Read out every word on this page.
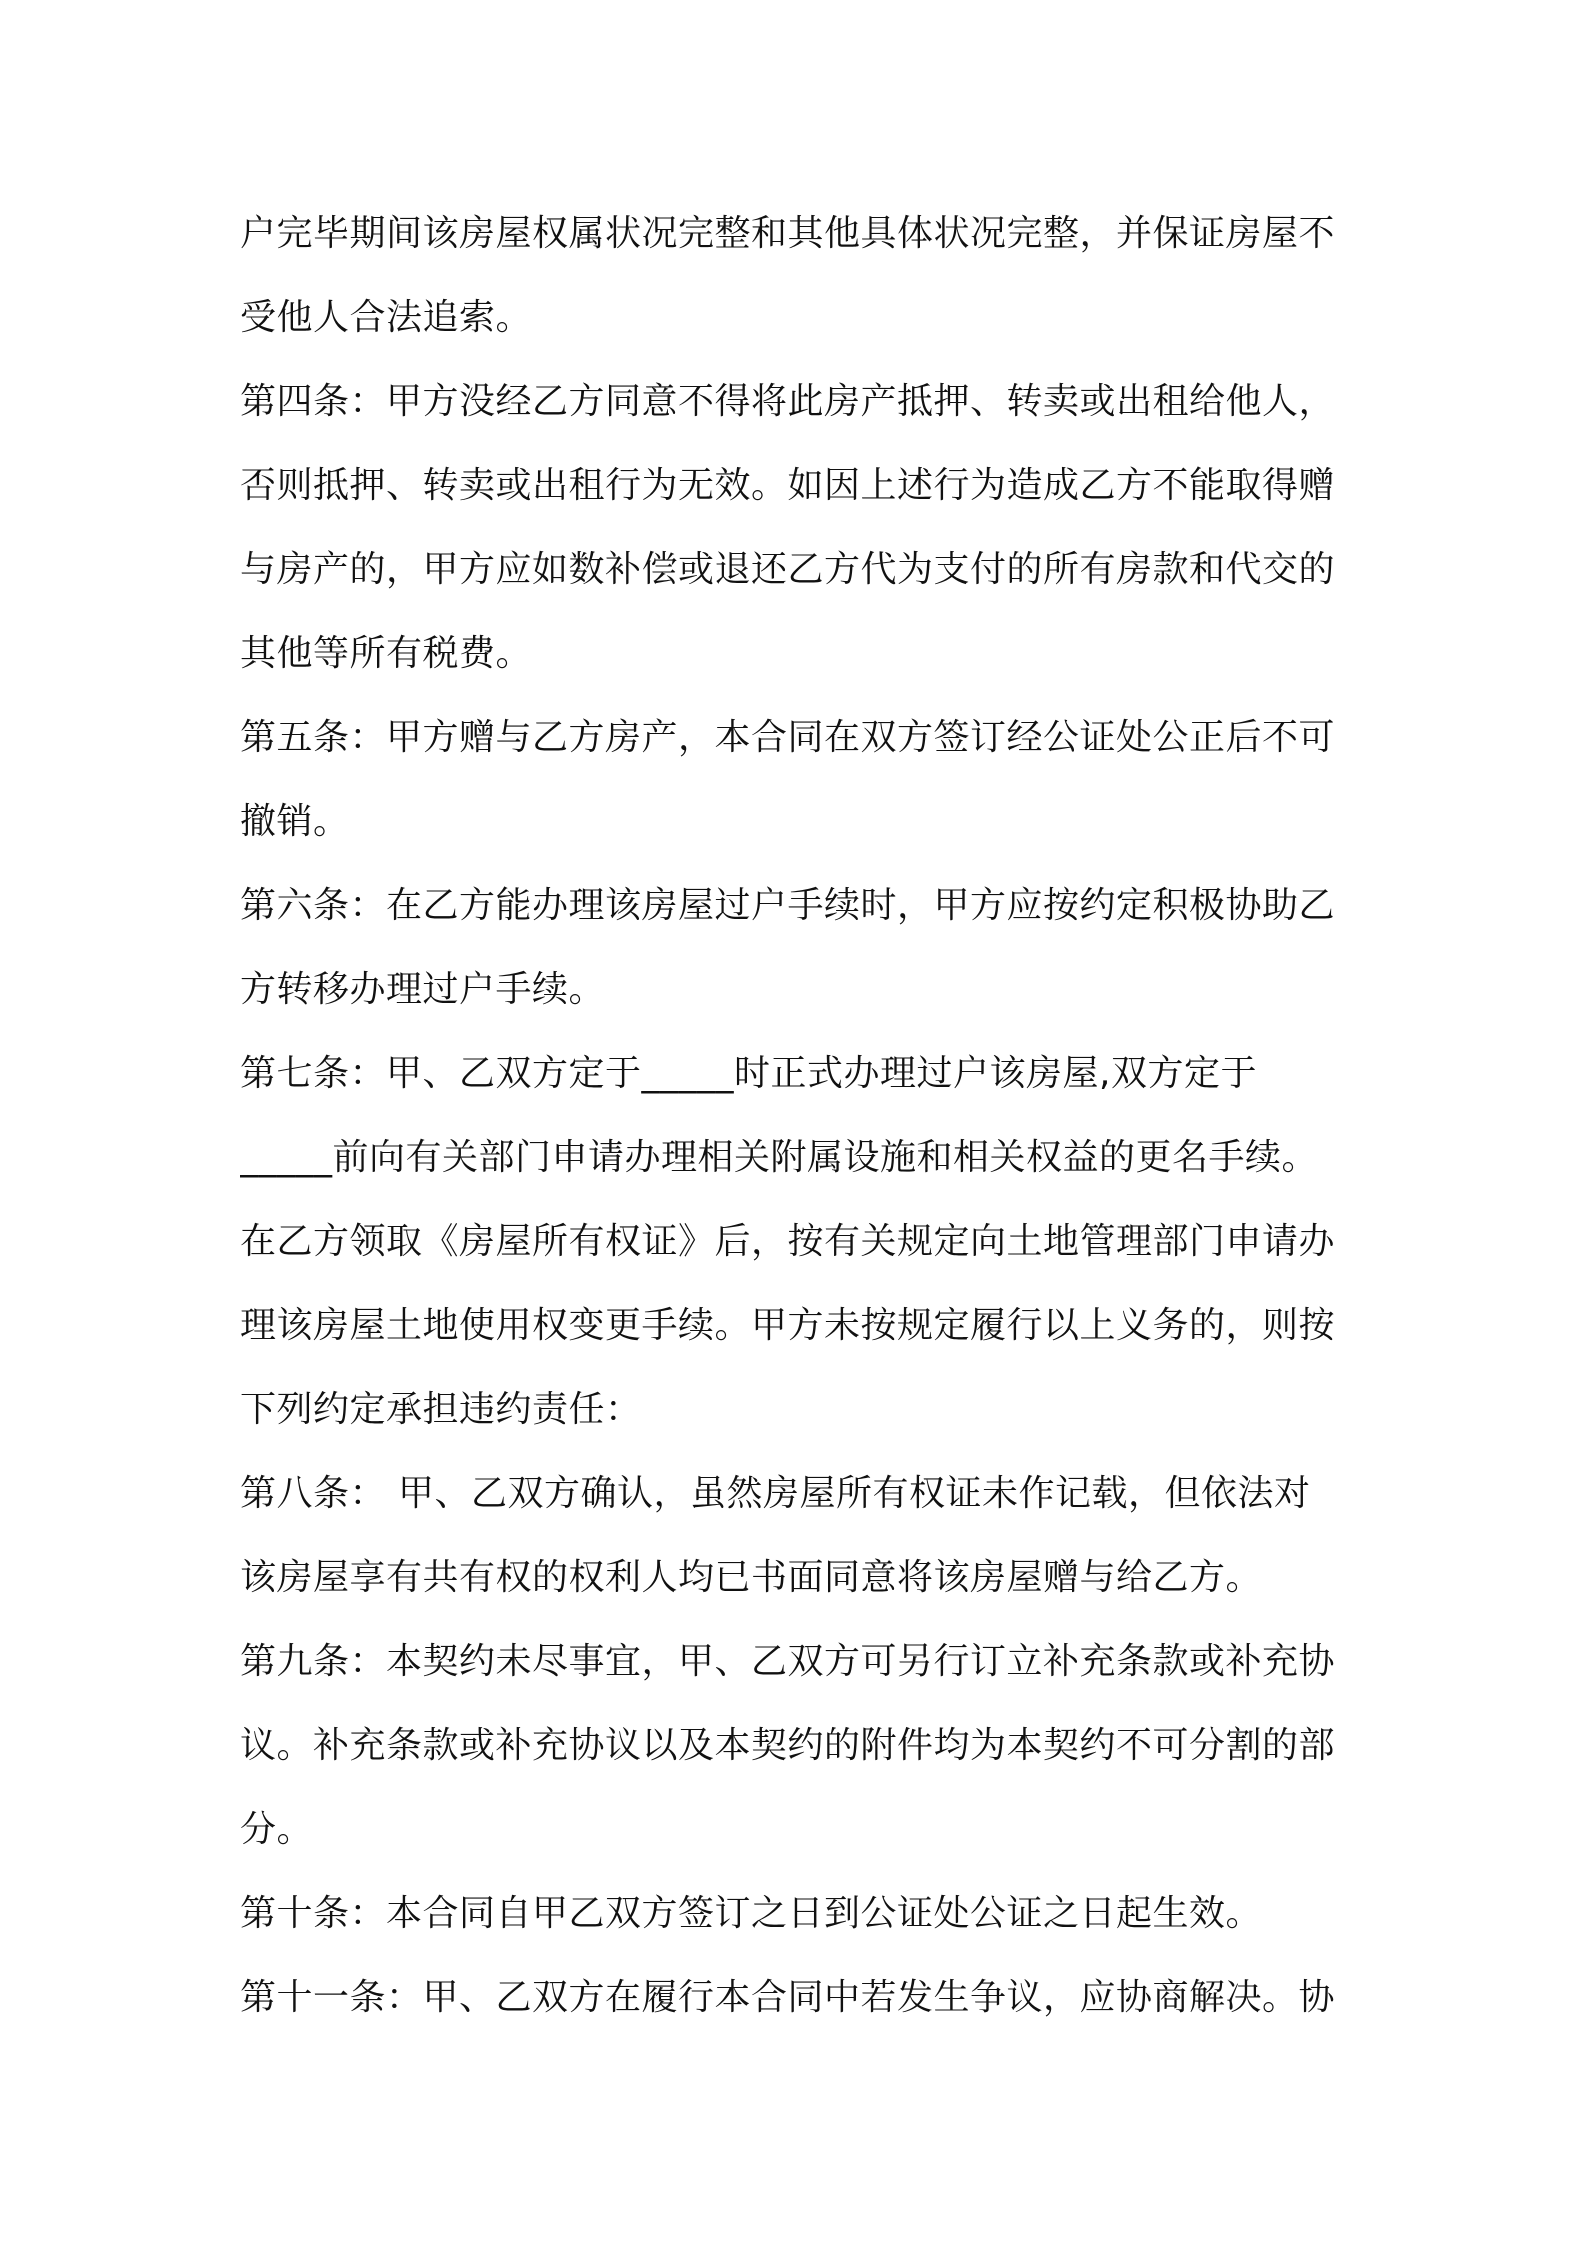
户完毕期间该房屋权属状况完整和其他具体状况完整，并保证房屋不
受他人合法追索。
第四条：甲方没经乙方同意不得将此房产抵押、转卖或出租给他人，
否则抵押、转卖或出租行为无效。如因上述行为造成乙方不能取得赠
与房产的，甲方应如数补偿或退还乙方代为支付的所有房款和代交的
其他等所有税费。
第五条：甲方赠与乙方房产，本合同在双方签订经公证处公正后不可
撤销。
第六条：在乙方能办理该房屋过户手续时，甲方应按约定积极协助乙
方转移办理过户手续。
第七条：甲、乙双方定于_____时正式办理过户该房屋,双方定于
_____前向有关部门申请办理相关附属设施和相关权益的更名手续。
在乙方领取《房屋所有权证》后，按有关规定向土地管理部门申请办
理该房屋土地使用权变更手续。甲方未按规定履行以上义务的，则按
下列约定承担违约责任：
第八条： 甲、乙双方确认，虽然房屋所有权证未作记载，但依法对
该房屋享有共有权的权利人均已书面同意将该房屋赠与给乙方。
第九条：本契约未尽事宜，甲、乙双方可另行订立补充条款或补充协
议。补充条款或补充协议以及本契约的附件均为本契约不可分割的部
分。
第十条：本合同自甲乙双方签订之日到公证处公证之日起生效。
第十一条：甲、乙双方在履行本合同中若发生争议，应协商解决。协
